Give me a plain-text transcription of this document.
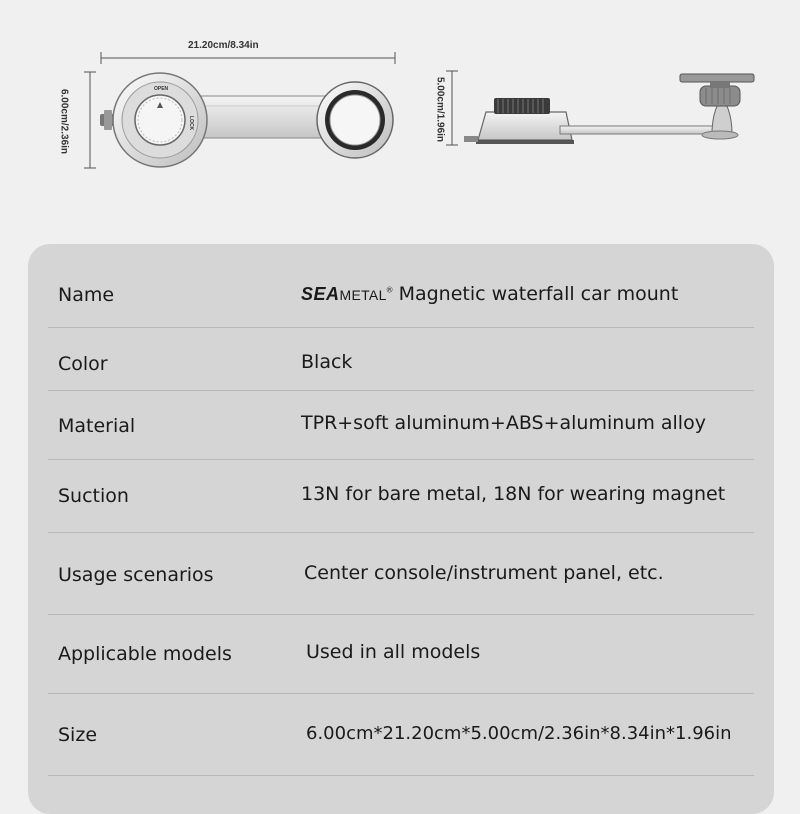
OPEN
LOCK
21.20cm/8.34in
6.00cm/2.36in	5.00cm/1.96in
Name	SEAMETAL® Magnetic waterfall car mount
Color	Black
Material	TPR+soft aluminum+ABS+aluminum alloy
Suction	13N for bare metal, 18N for wearing magnet
Usage scenarios	Center console/instrument panel, etc.
Applicable models	Used in all models
Size	6.00cm*21.20cm*5.00cm/2.36in*8.34in*1.96in
